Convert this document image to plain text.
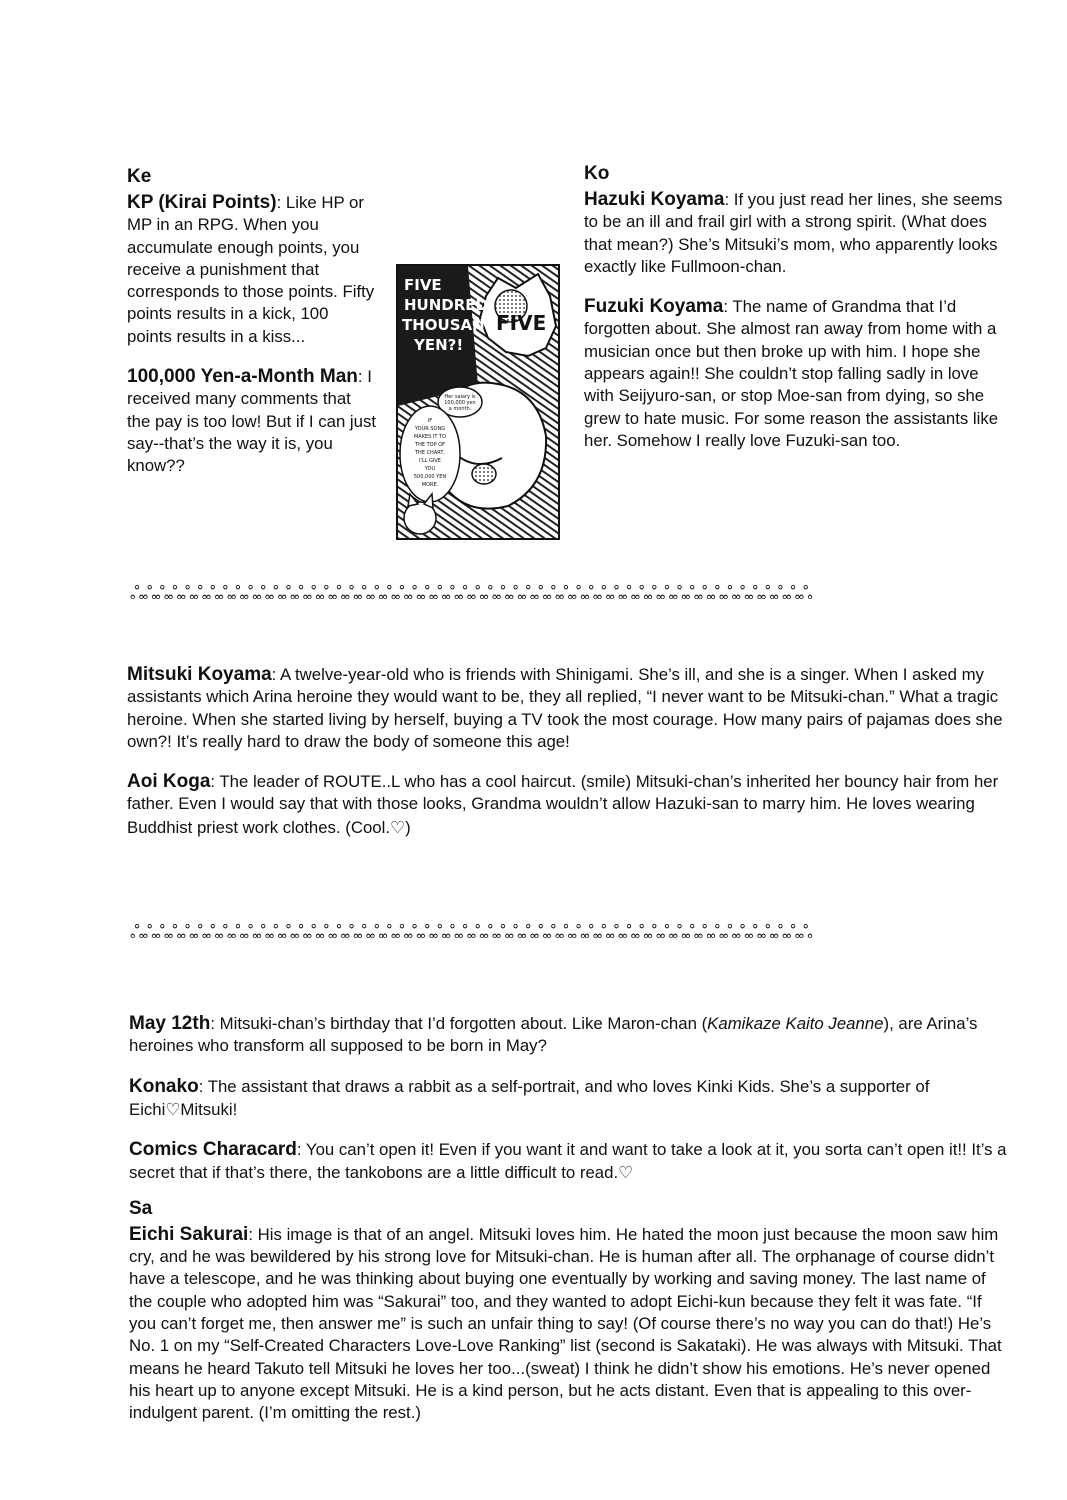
Ke

KP (Kirai Points): Like HP or MP in an RPG. When you accumulate enough points, you receive a punishment that corresponds to those points. Fifty points results in a kick, 100 points results in a kiss...

100,000 Yen-a-Month Man: I received many comments that the pay is too low! But if I can just say--that’s the way it is, you know??

FIVE
HUNDRED
THOUSAND
YEN?!
FIVE
Her salary is
100,000 yen
a month.
IF
YOUR SONG
MAKES IT TO
THE TOP OF
THE CHART,
I'LL GIVE
YOU
500,000 YEN
MORE.
Ko

Hazuki Koyama: If you just read her lines, she seems to be an ill and frail girl with a strong spirit. (What does that mean?) She’s Mitsuki’s mom, who apparently looks exactly like Fullmoon-chan.

Fuzuki Koyama: The name of Grandma that I’d forgotten about. She almost ran away from home with a musician once but then broke up with him. I hope she appears again!! She couldn’t stop falling sadly in love with Seijyuro-san, or stop Moe-san from dying, so she grew to hate music. For some reason the assistants like her. Somehow I really love Fuzuki-san too.

ஃஃஃஃஃஃஃஃஃஃஃஃஃஃஃஃஃஃஃஃஃஃஃஃஃஃஃஃஃஃஃஃஃஃஃஃஃஃஃஃஃஃஃஃஃஃஃஃஃஃஃஃஃஃ

Mitsuki Koyama: A twelve-year-old who is friends with Shinigami. She’s ill, and she is a singer. When I asked my assistants which Arina heroine they would want to be, they all replied, “I never want to be Mitsuki-chan.” What a tragic heroine. When she started living by herself, buying a TV took the most courage. How many pairs of pajamas does she own?! It’s really hard to draw the body of someone this age!

Aoi Koga: The leader of ROUTE..L who has a cool haircut. (smile) Mitsuki-chan’s inherited her bouncy hair from her father. Even I would say that with those looks, Grandma wouldn’t allow Hazuki-san to marry him. He loves wearing Buddhist priest work clothes. (Cool.♡)

ஃஃஃஃஃஃஃஃஃஃஃஃஃஃஃஃஃஃஃஃஃஃஃஃஃஃஃஃஃஃஃஃஃஃஃஃஃஃஃஃஃஃஃஃஃஃஃஃஃஃஃஃஃஃ

May 12th: Mitsuki-chan’s birthday that I’d forgotten about. Like Maron-chan (Kamikaze Kaito Jeanne), are Arina’s heroines who transform all supposed to be born in May?

Konako: The assistant that draws a rabbit as a self-portrait, and who loves Kinki Kids. She’s a supporter of Eichi♡Mitsuki!

Comics Characard: You can’t open it! Even if you want it and want to take a look at it, you sorta can’t open it!! It’s a secret that if that’s there, the tankobons are a little difficult to read.♡

Sa

Eichi Sakurai: His image is that of an angel. Mitsuki loves him. He hated the moon just because the moon saw him cry, and he was bewildered by his strong love for Mitsuki-chan. He is human after all. The orphanage of course didn’t have a telescope, and he was thinking about buying one eventually by working and saving money. The last name of the couple who adopted him was “Sakurai” too, and they wanted to adopt Eichi-kun because they felt it was fate. “If you can’t forget me, then answer me” is such an unfair thing to say! (Of course there’s no way you can do that!) He’s No. 1 on my “Self-Created Characters Love-Love Ranking” list (second is Sakataki). He was always with Mitsuki. That means he heard Takuto tell Mitsuki he loves her too...(sweat) I think he didn’t show his emotions. He’s never opened his heart up to anyone except Mitsuki. He is a kind person, but he acts distant. Even that is appealing to this over-indulgent parent. (I’m omitting the rest.)
